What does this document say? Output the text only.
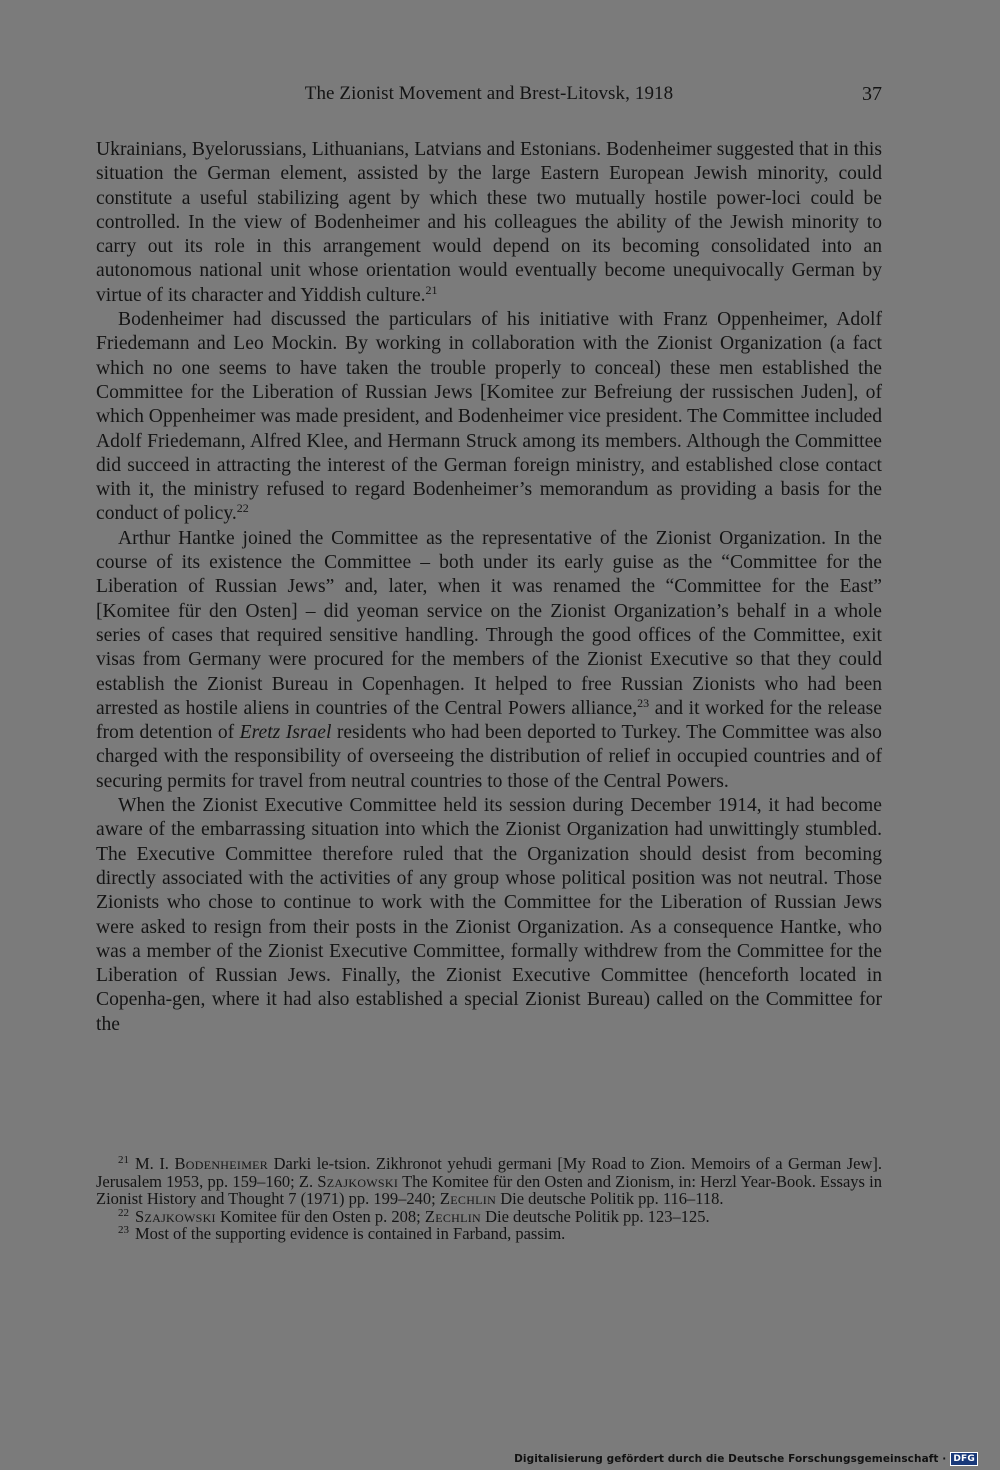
The Zionist Movement and Brest-Litovsk, 1918	37

Ukrainians, Byelorussians, Lithuanians, Latvians and Estonians. Bodenheimer suggested that in this situation the German element, assisted by the large Eastern European Jewish minority, could constitute a useful stabilizing agent by which these two mutually hostile power-loci could be controlled. In the view of Bodenheimer and his colleagues the ability of the Jewish minority to carry out its role in this arrangement would depend on its becoming consolidated into an autonomous national unit whose orientation would eventually become unequivocally German by virtue of its character and Yiddish culture.$^{21}$

Bodenheimer had discussed the particulars of his initiative with Franz Oppenheimer, Adolf Friedemann and Leo Mockin. By working in collaboration with the Zionist Organization (a fact which no one seems to have taken the trouble properly to conceal) these men established the Committee for the Liberation of Russian Jews [Komitee zur Befreiung der russischen Juden], of which Oppenheimer was made president, and Bodenheimer vice president. The Committee included Adolf Friedemann, Alfred Klee, and Hermann Struck among its members. Although the Committee did succeed in attracting the interest of the German foreign ministry, and established close contact with it, the ministry refused to regard Bodenheimer’s memorandum as providing a basis for the conduct of policy.$^{22}$

Arthur Hantke joined the Committee as the representative of the Zionist Organization. In the course of its existence the Committee – both under its early guise as the “Committee for the Liberation of Russian Jews” and, later, when it was renamed the “Committee for the East” [Komitee für den Osten] – did yeoman service on the Zionist Organization’s behalf in a whole series of cases that required sensitive handling. Through the good offices of the Committee, exit visas from Germany were procured for the members of the Zionist Executive so that they could establish the Zionist Bureau in Copenhagen. It helped to free Russian Zionists who had been arrested as hostile aliens in countries of the Central Powers alliance,$^{23}$ and it worked for the release from detention of Eretz Israel residents who had been deported to Turkey. The Committee was also charged with the responsibility of overseeing the distribution of relief in occupied countries and of securing permits for travel from neutral countries to those of the Central Powers.

When the Zionist Executive Committee held its session during December 1914, it had become aware of the embarrassing situation into which the Zionist Organization had unwittingly stumbled. The Executive Committee therefore ruled that the Organization should desist from becoming directly associated with the activities of any group whose political position was not neutral. Those Zionists who chose to continue to work with the Committee for the Liberation of Russian Jews were asked to resign from their posts in the Zionist Organization. As a consequence Hantke, who was a member of the Zionist Executive Committee, formally withdrew from the Committee for the Liberation of Russian Jews. Finally, the Zionist Executive Committee (henceforth located in Copenha-gen, where it had also established a special Zionist Bureau) called on the Committee for the

$^{21}$ M. I. Bodenheimer Darki le-tsion. Zikhronot yehudi germani [My Road to Zion. Memoirs of a German Jew]. Jerusalem 1953, pp. 159–160; Z. Szajkowski The Komitee für den Osten and Zionism, in: Herzl Year-Book. Essays in Zionist History and Thought 7 (1971) pp. 199–240; Zechlin Die deutsche Politik pp. 116–118.

$^{22}$ Szajkowski Komitee für den Osten p. 208; Zechlin Die deutsche Politik pp. 123–125.

$^{23}$ Most of the supporting evidence is contained in Farband, passim.

Digitalisierung gefördert durch die Deutsche Forschungsgemeinschaft · DFG
